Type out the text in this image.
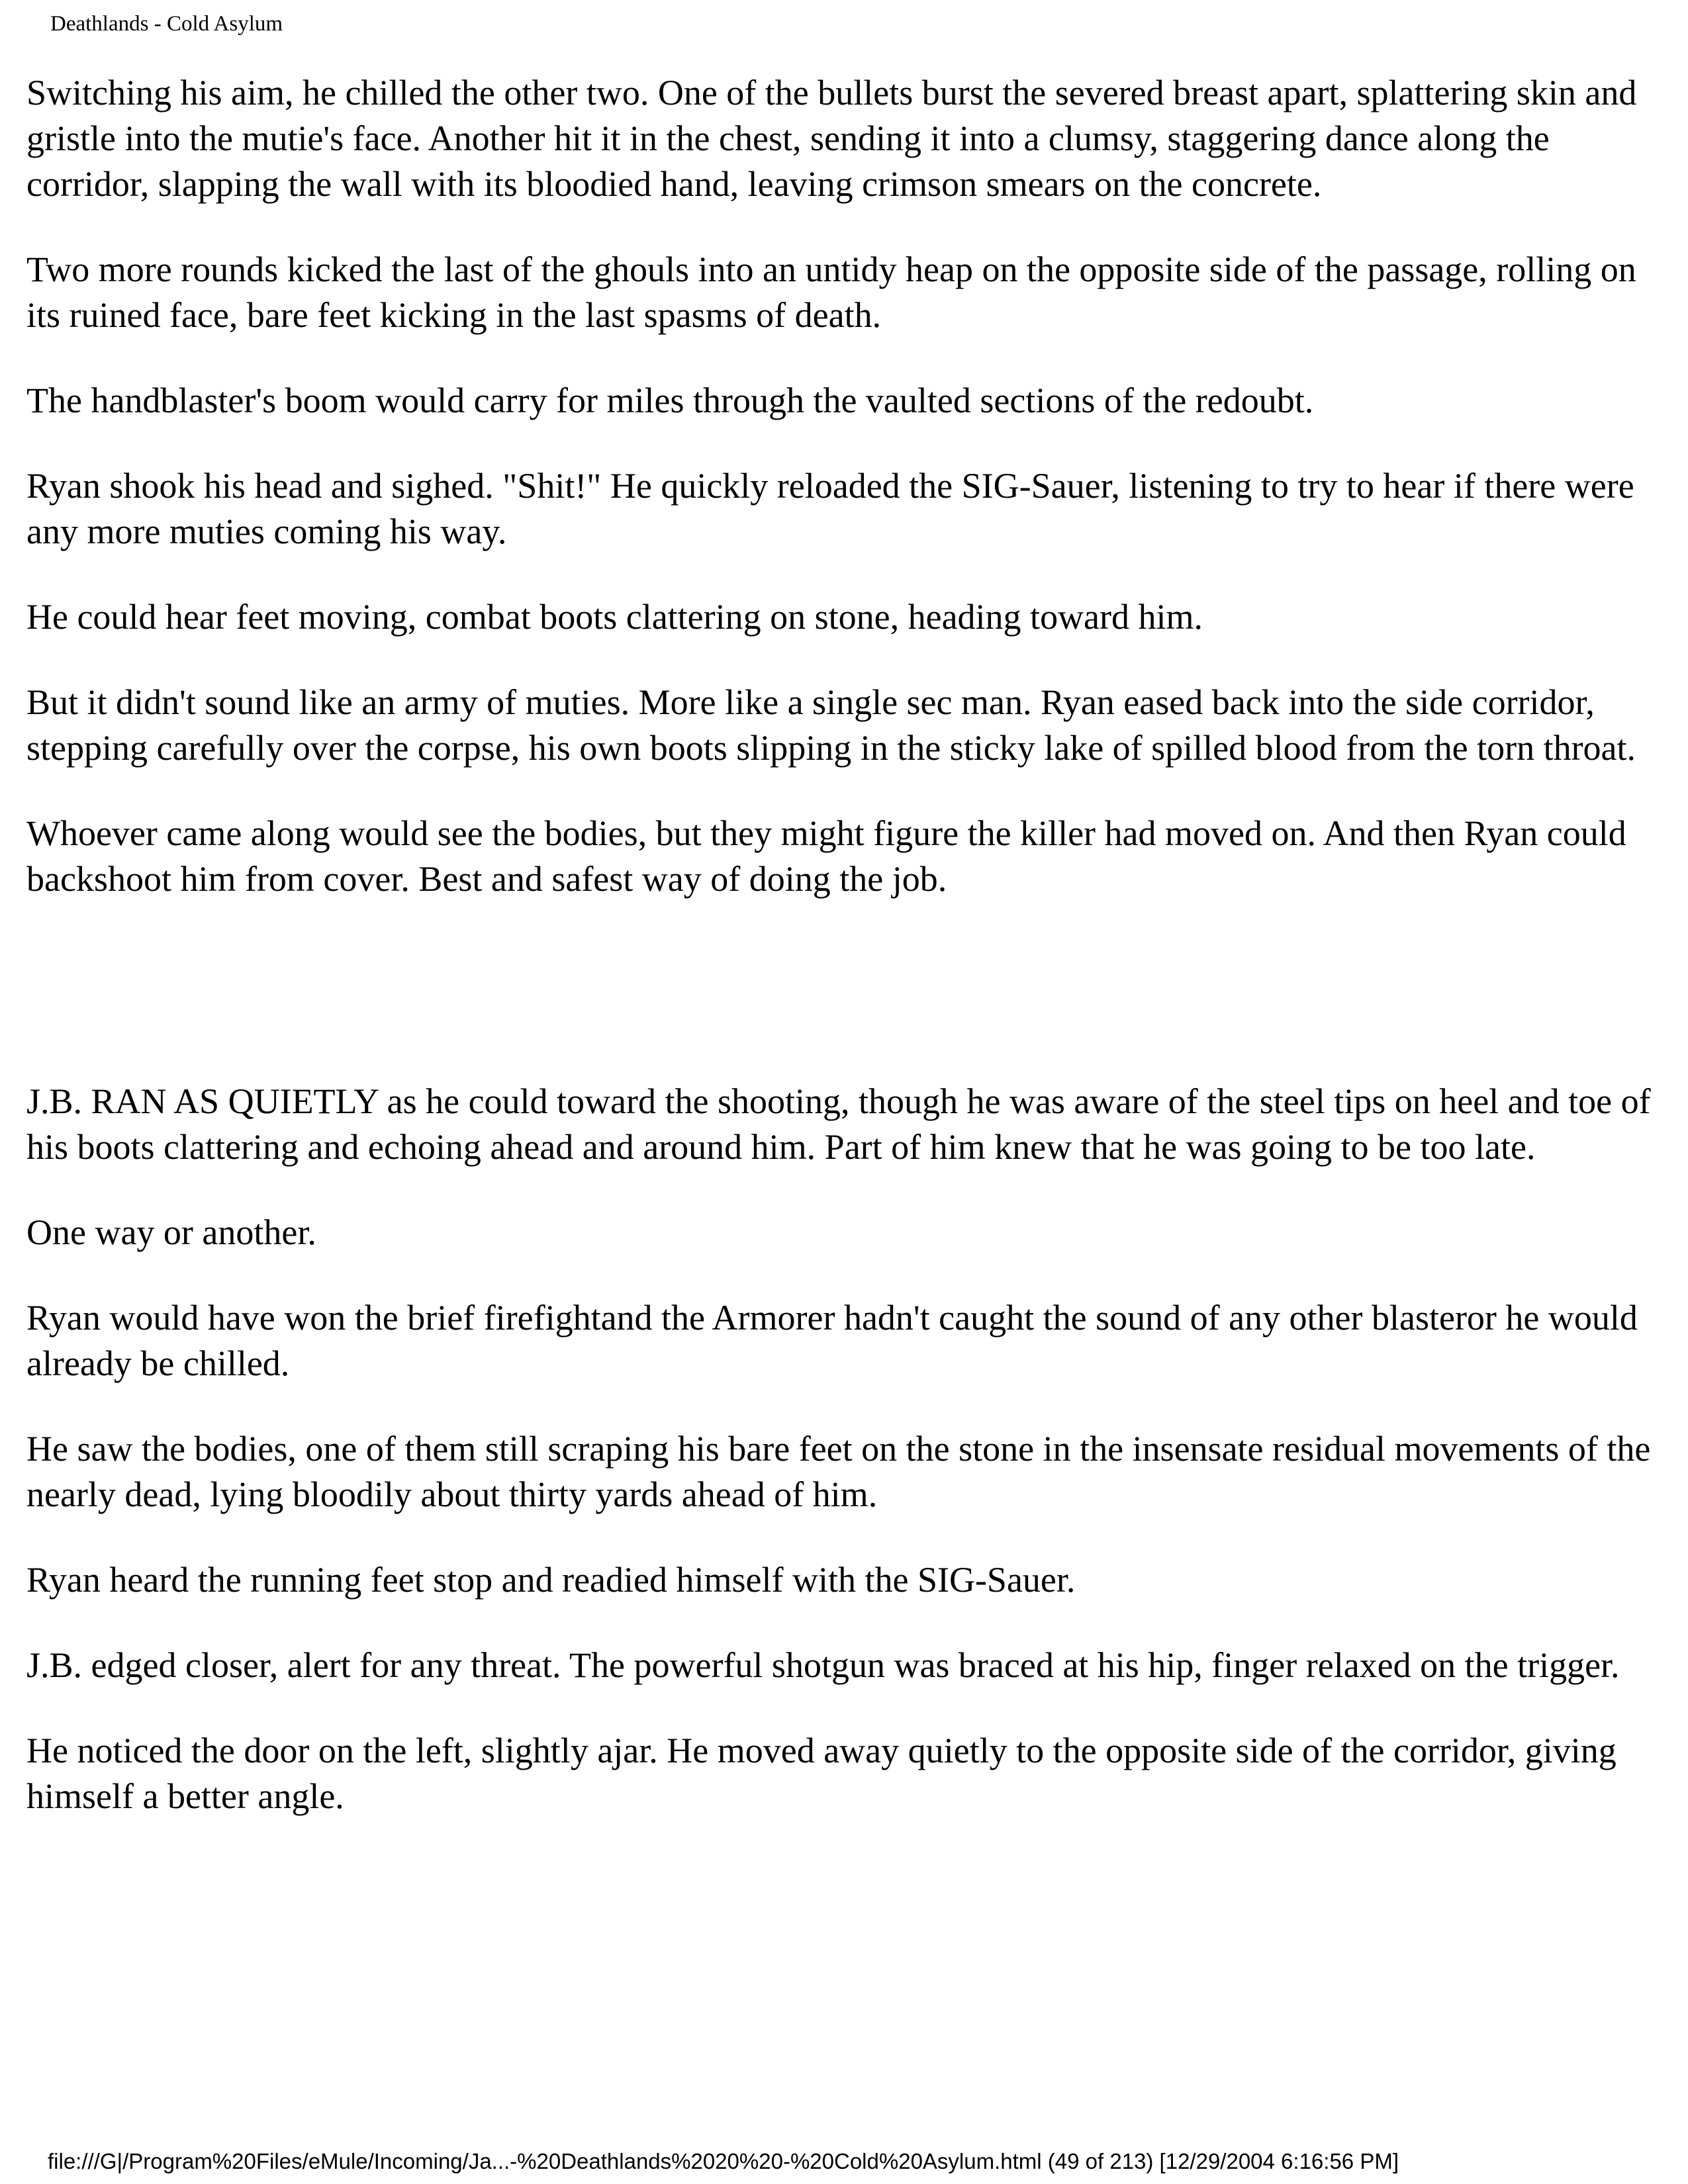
Deathlands - Cold Asylum

Switching his aim, he chilled the other two. One of the bullets burst the severed breast apart, splattering skin and gristle into the mutie's face. Another hit it in the chest, sending it into a clumsy, staggering dance along the corridor, slapping the wall with its bloodied hand, leaving crimson smears on the concrete.

Two more rounds kicked the last of the ghouls into an untidy heap on the opposite side of the passage, rolling on its ruined face, bare feet kicking in the last spasms of death.

The handblaster's boom would carry for miles through the vaulted sections of the redoubt.

Ryan shook his head and sighed. "Shit!" He quickly reloaded the SIG-Sauer, listening to try to hear if there were any more muties coming his way.

He could hear feet moving, combat boots clattering on stone, heading toward him.

But it didn't sound like an army of muties. More like a single sec man. Ryan eased back into the side corridor, stepping carefully over the corpse, his own boots slipping in the sticky lake of spilled blood from the torn throat.

Whoever came along would see the bodies, but they might figure the killer had moved on. And then Ryan could backshoot him from cover. Best and safest way of doing the job.

J.B. RAN AS QUIETLY as he could toward the shooting, though he was aware of the steel tips on heel and toe of his boots clattering and echoing ahead and around him. Part of him knew that he was going to be too late.

One way or another.

Ryan would have won the brief firefightand the Armorer hadn't caught the sound of any other blasteror he would already be chilled.

He saw the bodies, one of them still scraping his bare feet on the stone in the insensate residual movements of the nearly dead, lying bloodily about thirty yards ahead of him.

Ryan heard the running feet stop and readied himself with the SIG-Sauer.

J.B. edged closer, alert for any threat. The powerful shotgun was braced at his hip, finger relaxed on the trigger.

He noticed the door on the left, slightly ajar. He moved away quietly to the opposite side of the corridor, giving himself a better angle.

file:///G|/Program%20Files/eMule/Incoming/Ja...-%20Deathlands%2020%20-%20Cold%20Asylum.html (49 of 213) [12/29/2004 6:16:56 PM]
